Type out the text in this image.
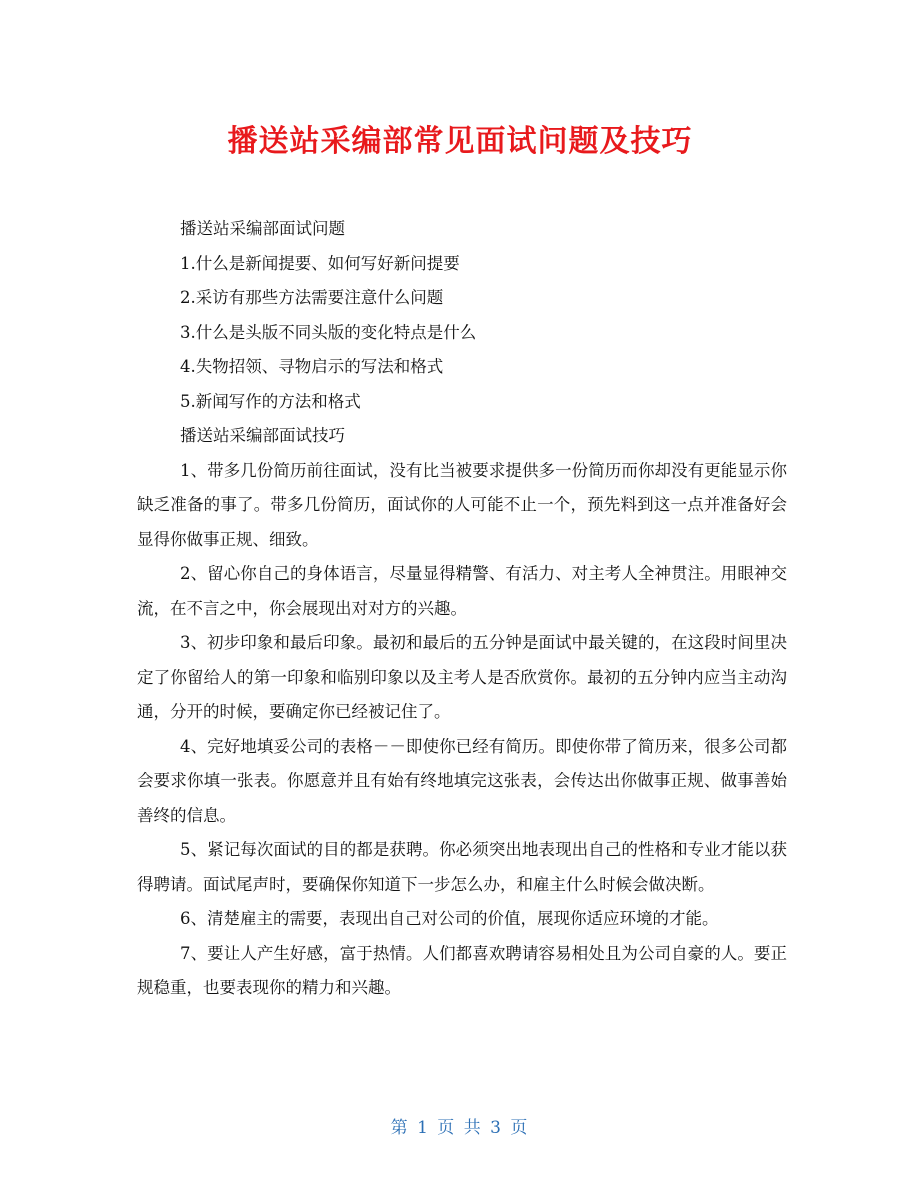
播送站采编部常见面试问题及技巧

播送站采编部面试问题

1.什么是新闻提要、如何写好新问提要

2.采访有那些方法需要注意什么问题

3.什么是头版不同头版的变化特点是什么

4.失物招领、寻物启示的写法和格式

5.新闻写作的方法和格式

播送站采编部面试技巧

1、带多几份简历前往面试，没有比当被要求提供多一份简历而你却没有更能显示你缺乏准备的事了。带多几份简历，面试你的人可能不止一个，预先料到这一点并准备好会显得你做事正规、细致。

2、留心你自己的身体语言，尽量显得精警、有活力、对主考人全神贯注。用眼神交流，在不言之中，你会展现出对对方的兴趣。

3、初步印象和最后印象。最初和最后的五分钟是面试中最关键的，在这段时间里决定了你留给人的第一印象和临别印象以及主考人是否欣赏你。最初的五分钟内应当主动沟通，分开的时候，要确定你已经被记住了。

4、完好地填妥公司的表格－－即使你已经有简历。即使你带了简历来，很多公司都会要求你填一张表。你愿意并且有始有终地填完这张表，会传达出你做事正规、做事善始善终的信息。

5、紧记每次面试的目的都是获聘。你必须突出地表现出自己的性格和专业才能以获得聘请。面试尾声时，要确保你知道下一步怎么办，和雇主什么时候会做决断。

6、清楚雇主的需要，表现出自己对公司的价值，展现你适应环境的才能。

7、要让人产生好感，富于热情。人们都喜欢聘请容易相处且为公司自豪的人。要正规稳重，也要表现你的精力和兴趣。

第 1 页 共 3 页
